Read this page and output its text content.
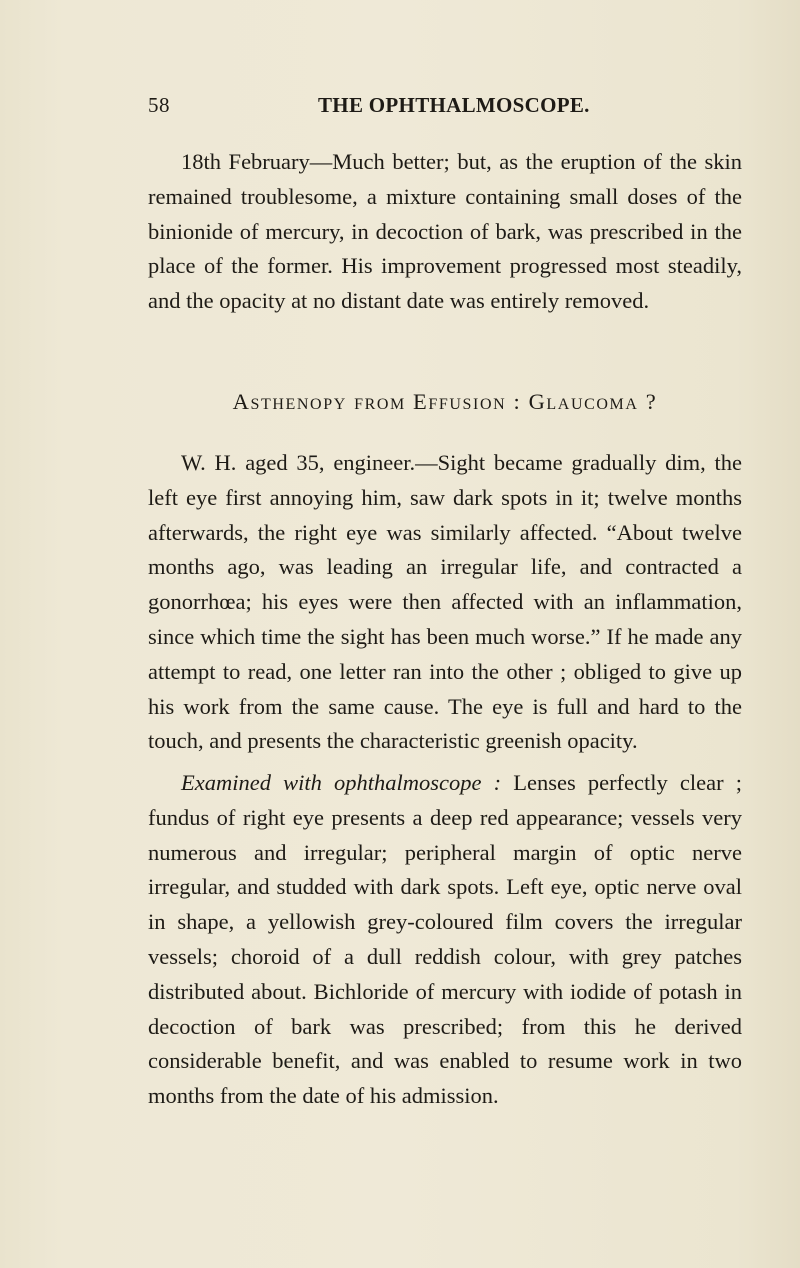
58	THE OPHTHALMOSCOPE.

18th February—Much better; but, as the eruption of the skin remained troublesome, a mixture containing small doses of the binionide of mercury, in decoction of bark, was prescribed in the place of the former. His improvement progressed most steadily, and the opacity at no distant date was entirely removed.

Asthenopy from Effusion : Glaucoma ?

W. H. aged 35, engineer.—Sight became gradually dim, the left eye first annoying him, saw dark spots in it; twelve months afterwards, the right eye was similarly affected. “About twelve months ago, was leading an irregular life, and contracted a gonorrhœa; his eyes were then affected with an inflammation, since which time the sight has been much worse.” If he made any attempt to read, one letter ran into the other ; obliged to give up his work from the same cause. The eye is full and hard to the touch, and presents the characteristic greenish opacity.

Examined with ophthalmoscope : Lenses perfectly clear ; fundus of right eye presents a deep red appearance; vessels very numerous and irregular; peripheral margin of optic nerve irregular, and studded with dark spots. Left eye, optic nerve oval in shape, a yellowish grey-coloured film covers the irregular vessels; choroid of a dull reddish colour, with grey patches distributed about. Bichloride of mercury with iodide of potash in decoction of bark was prescribed; from this he derived considerable benefit, and was enabled to resume work in two months from the date of his admission.
